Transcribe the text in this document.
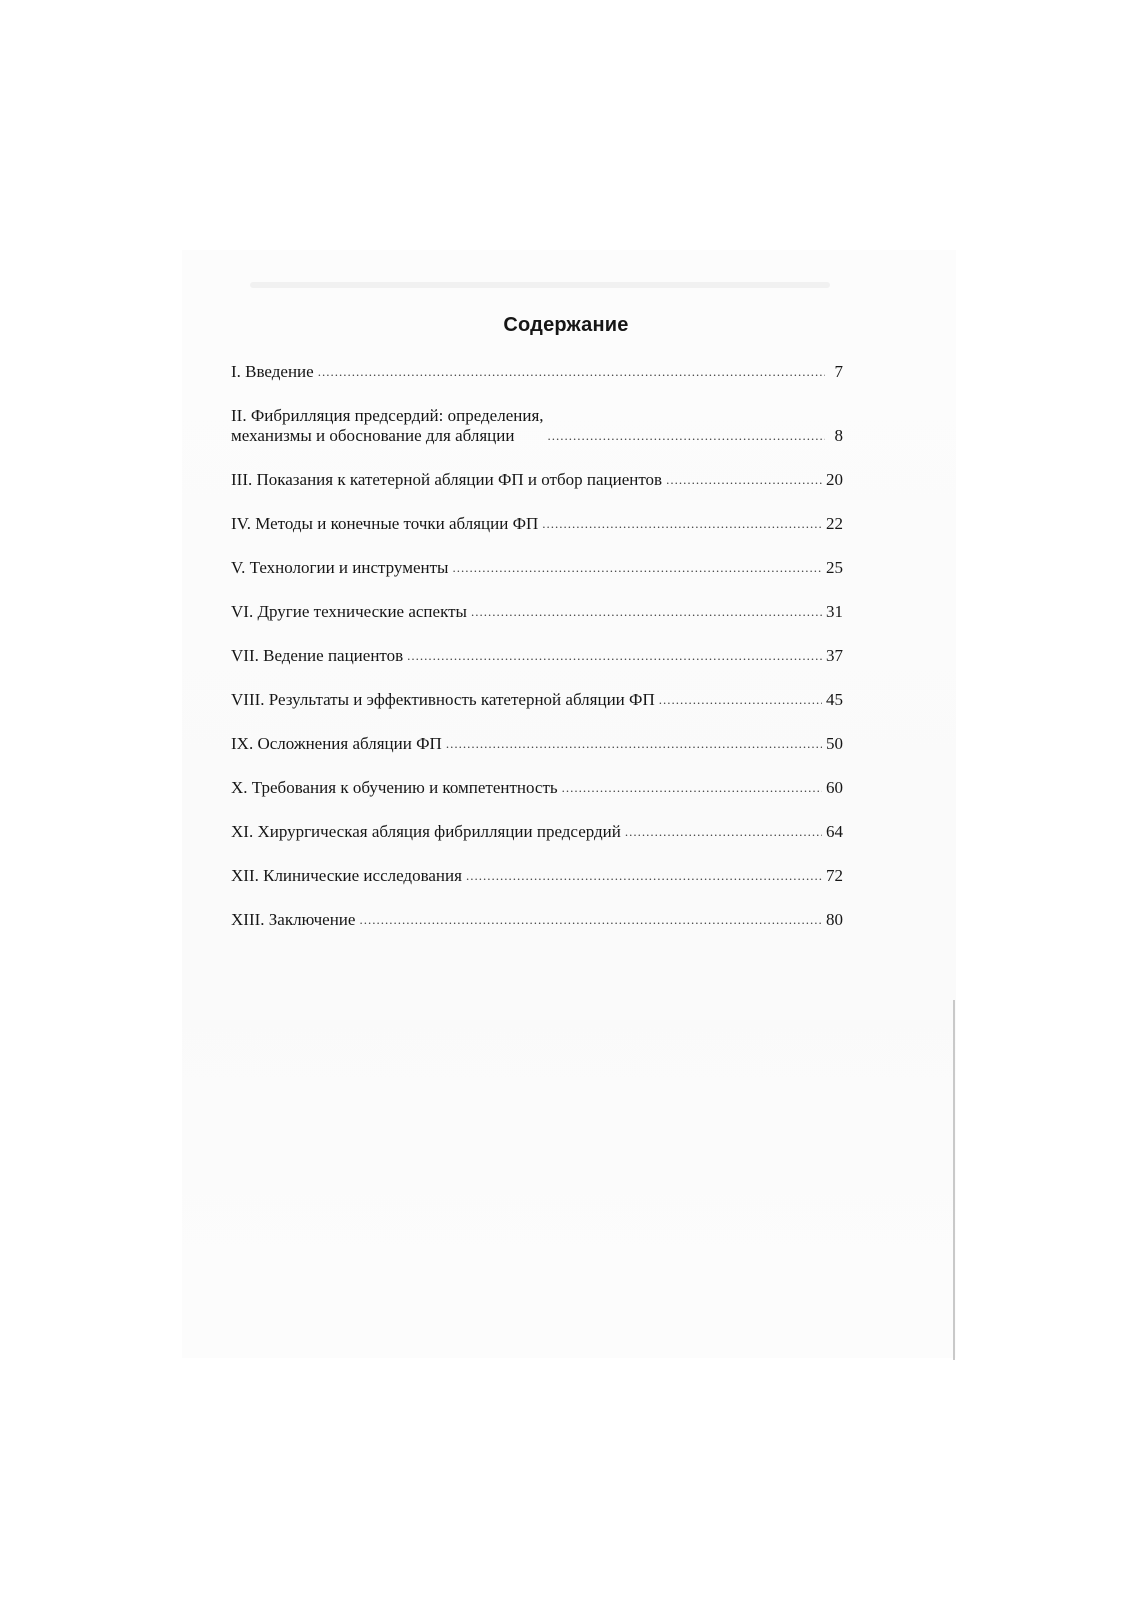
Содержание
I. Введение .....	7
II. Фибрилляция предсердий: определения,
механизмы и обоснование для абляции .....	8
III. Показания к катетерной абляции ФП и отбор пациентов .....	20
IV. Методы и конечные точки абляции ФП .....	22
V. Технологии и инструменты .....	25
VI. Другие технические аспекты .....	31
VII. Ведение пациентов .....	37
VIII. Результаты и эффективность катетерной абляции ФП .....	45
IX. Осложнения абляции ФП .....	50
X. Требования к обучению и компетентность .....	60
XI. Хирургическая абляция фибрилляции предсердий .....	64
XII. Клинические исследования .....	72
XIII. Заключение .....	80
